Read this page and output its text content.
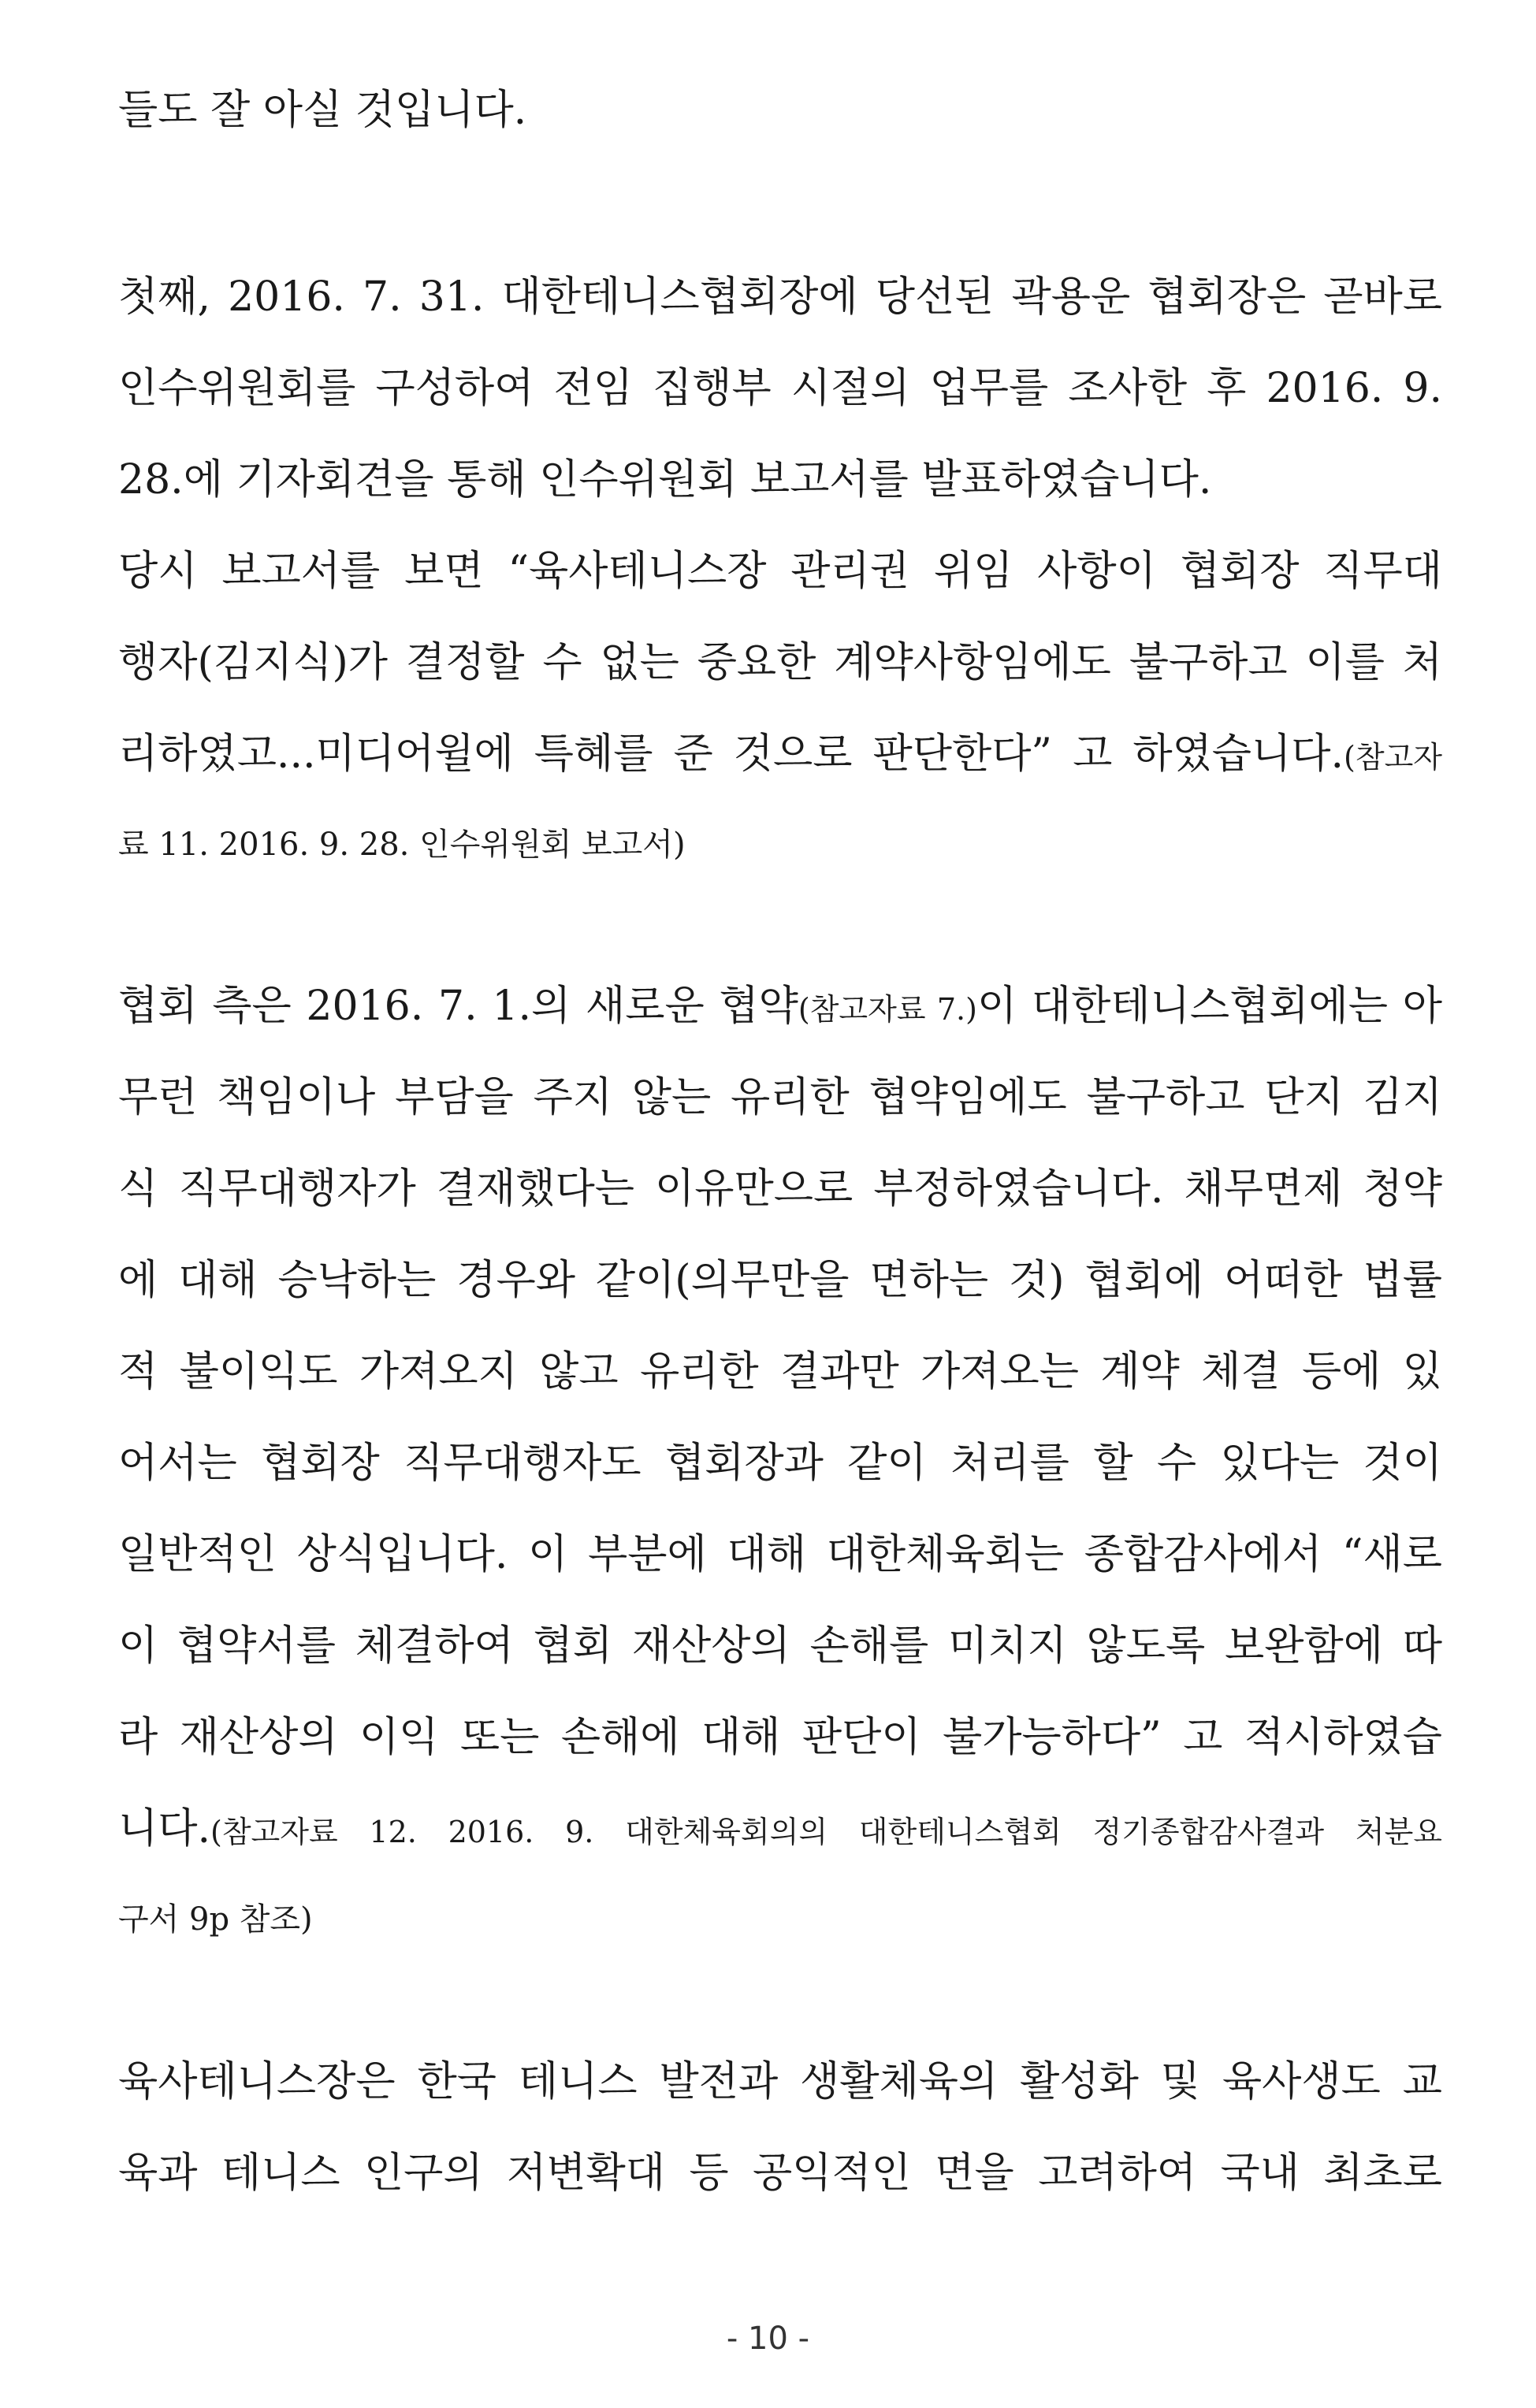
들도 잘 아실 것입니다.
첫째, 2016. 7. 31. 대한테니스협회장에 당선된 곽용운 협회장은 곧바로
인수위원회를 구성하여 전임 집행부 시절의 업무를 조사한 후 2016. 9.
28.에 기자회견을 통해 인수위원회 보고서를 발표하였습니다.
당시 보고서를 보면 “육사테니스장 관리권 위임 사항이 협회장 직무대
행자(김지식)가 결정할 수 없는 중요한 계약사항임에도 불구하고 이를 처
리하였고...미디어윌에 특혜를 준 것으로 판단한다” 고 하였습니다.(참고자
료 11. 2016. 9. 28. 인수위원회 보고서)
협회 측은 2016. 7. 1.의 새로운 협약(참고자료 7.)이 대한테니스협회에는 아
무런 책임이나 부담을 주지 않는 유리한 협약임에도 불구하고 단지 김지
식 직무대행자가 결재했다는 이유만으로 부정하였습니다. 채무면제 청약
에 대해 승낙하는 경우와 같이(의무만을 면하는 것) 협회에 어떠한 법률
적 불이익도 가져오지 않고 유리한 결과만 가져오는 계약 체결 등에 있
어서는 협회장 직무대행자도 협회장과 같이 처리를 할 수 있다는 것이
일반적인 상식입니다. 이 부분에 대해 대한체육회는 종합감사에서 “새로
이 협약서를 체결하여 협회 재산상의 손해를 미치지 않도록 보완함에 따
라 재산상의 이익 또는 손해에 대해 판단이 불가능하다” 고 적시하였습
니다.(참고자료 12. 2016. 9. 대한체육회의의 대한테니스협회 정기종합감사결과 처분요
구서 9p 참조)
육사테니스장은 한국 테니스 발전과 생활체육의 활성화 및 육사생도 교
육과 테니스 인구의 저변확대 등 공익적인 면을 고려하여 국내 최초로
- 10 -
